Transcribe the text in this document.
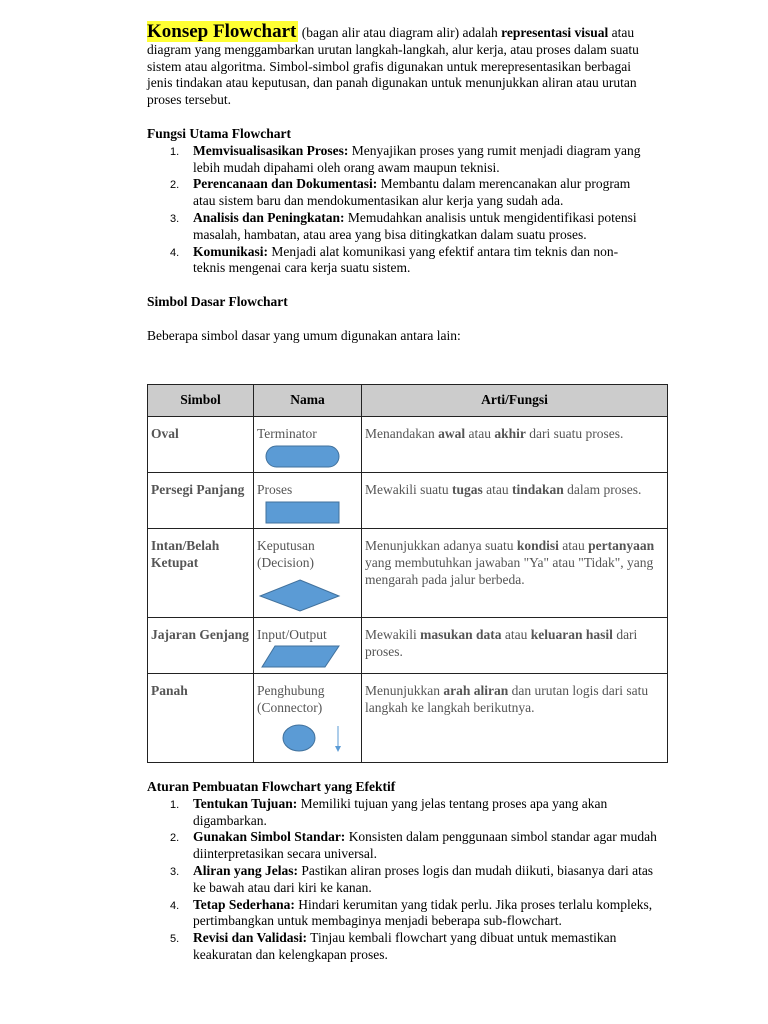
Konsep Flowchart (bagan alir atau diagram alir) adalah representasi visual atau diagram yang menggambarkan urutan langkah-langkah, alur kerja, atau proses dalam suatu sistem atau algoritma. Simbol-simbol grafis digunakan untuk merepresentasikan berbagai jenis tindakan atau keputusan, dan panah digunakan untuk menunjukkan aliran atau urutan proses tersebut.

Fungsi Utama Flowchart
1. Memvisualisasikan Proses: Menyajikan proses yang rumit menjadi diagram yang lebih mudah dipahami oleh orang awam maupun teknisi.
2. Perencanaan dan Dokumentasi: Membantu dalam merencanakan alur program atau sistem baru dan mendokumentasikan alur kerja yang sudah ada.
3. Analisis dan Peningkatan: Memudahkan analisis untuk mengidentifikasi potensi masalah, hambatan, atau area yang bisa ditingkatkan dalam suatu proses.
4. Komunikasi: Menjadi alat komunikasi yang efektif antara tim teknis dan non-teknis mengenai cara kerja suatu sistem.
Simbol Dasar Flowchart

Beberapa simbol dasar yang umum digunakan antara lain:

Simbol	Nama	Arti/Fungsi
Oval	Terminator	Menandakan awal atau akhir dari suatu proses.
Persegi Panjang	Proses	Mewakili suatu tugas atau tindakan dalam proses.
Intan/Belah Ketupat	Keputusan (Decision)	Menunjukkan adanya suatu kondisi atau pertanyaan yang membutuhkan jawaban "Ya" atau "Tidak", yang mengarah pada jalur berbeda.
Jajaran Genjang	Input/Output	Mewakili masukan data atau keluaran hasil dari proses.
Panah	Penghubung (Connector)	Menunjukkan arah aliran dan urutan logis dari satu langkah ke langkah berikutnya.
Aturan Pembuatan Flowchart yang Efektif
1. Tentukan Tujuan: Memiliki tujuan yang jelas tentang proses apa yang akan digambarkan.
2. Gunakan Simbol Standar: Konsisten dalam penggunaan simbol standar agar mudah diinterpretasikan secara universal.
3. Aliran yang Jelas: Pastikan aliran proses logis dan mudah diikuti, biasanya dari atas ke bawah atau dari kiri ke kanan.
4. Tetap Sederhana: Hindari kerumitan yang tidak perlu. Jika proses terlalu kompleks, pertimbangkan untuk membaginya menjadi beberapa sub-flowchart.
5. Revisi dan Validasi: Tinjau kembali flowchart yang dibuat untuk memastikan keakuratan dan kelengkapan proses.
